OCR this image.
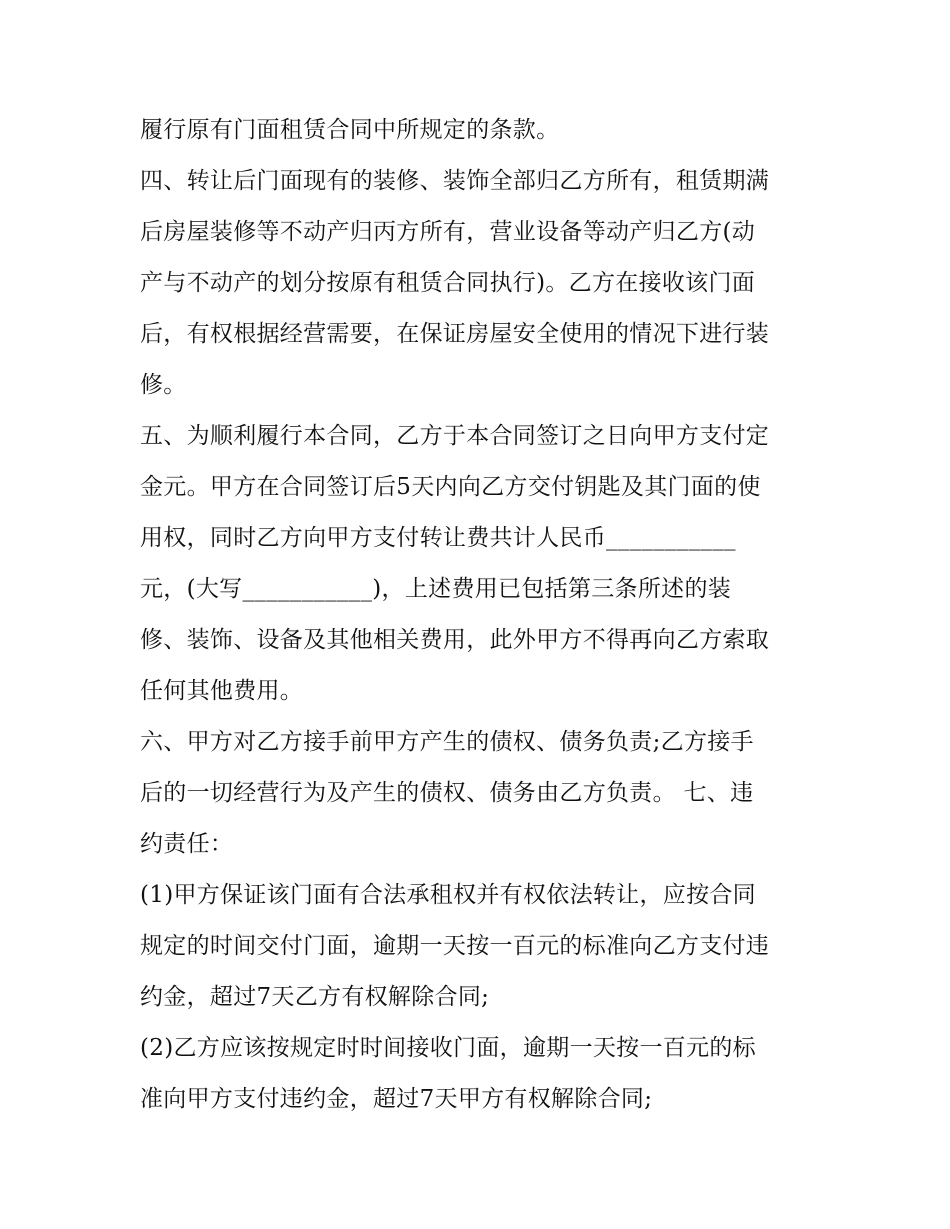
履行原有门面租赁合同中所规定的条款。
四、转让后门面现有的装修、装饰全部归乙方所有，租赁期满
后房屋装修等不动产归丙方所有，营业设备等动产归乙方(动
产与不动产的划分按原有租赁合同执行)。乙方在接收该门面
后，有权根据经营需要，在保证房屋安全使用的情况下进行装
修。
五、为顺利履行本合同，乙方于本合同签订之日向甲方支付定
金元。甲方在合同签订后5天内向乙方交付钥匙及其门面的使
用权，同时乙方向甲方支付转让费共计人民币___________
元，(大写___________)，上述费用已包括第三条所述的装
修、装饰、设备及其他相关费用，此外甲方不得再向乙方索取
任何其他费用。
六、甲方对乙方接手前甲方产生的债权、债务负责;乙方接手
后的一切经营行为及产生的债权、债务由乙方负责。 七、违
约责任：
(1)甲方保证该门面有合法承租权并有权依法转让，应按合同
规定的时间交付门面，逾期一天按一百元的标准向乙方支付违
约金，超过7天乙方有权解除合同;
(2)乙方应该按规定时时间接收门面，逾期一天按一百元的标
准向甲方支付违约金，超过7天甲方有权解除合同;
